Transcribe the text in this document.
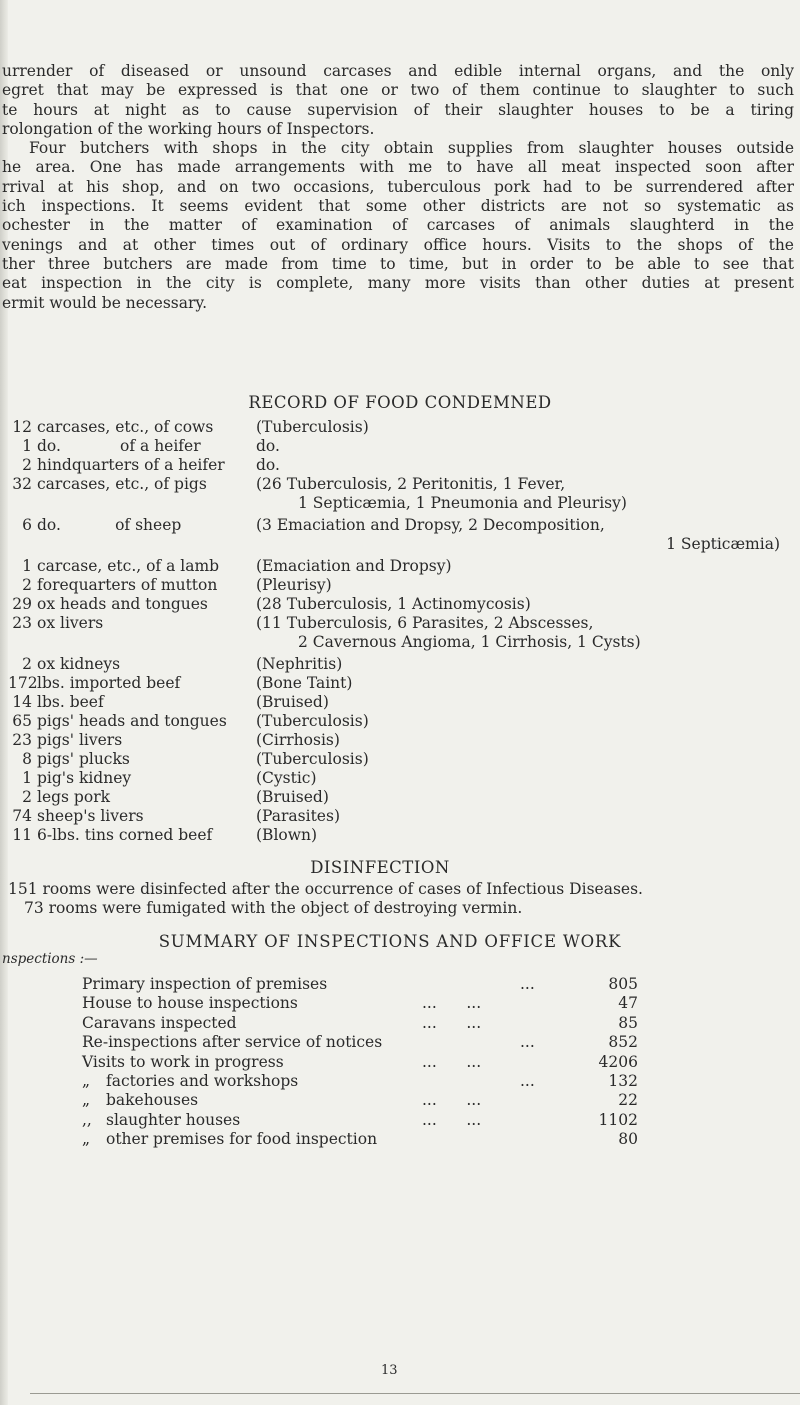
urrender of diseased or unsound carcases and edible internal organs, and the only

egret that may be expressed is that one or two of them continue to slaughter to such

te hours at night as to cause supervision of their slaughter houses to be a tiring

rolongation of the working hours of Inspectors.

Four butchers with shops in the city obtain supplies from slaughter houses outside

he area. One has made arrangements with me to have all meat inspected soon after

rrival at his shop, and on two occasions, tuberculous pork had to be surrendered after

ich inspections. It seems evident that some other districts are not so systematic as

ochester in the matter of examination of carcases of animals slaughterd in the

venings and at other times out of ordinary office hours. Visits to the shops of the

ther three butchers are made from time to time, but in order to be able to see that

eat inspection in the city is complete, many more visits than other duties at present

ermit would be necessary.

RECORD OF FOOD CONDEMNED
12 carcases, etc., of cows	(Tuberculosis)
1 do.            of a heifer	do.
2 hindquarters of a heifer do.
32 carcases, etc., of pigs	(26 Tuberculosis, 2 Peritonitis, 1 Fever,
1 Septicæmia, 1 Pneumonia and Pleurisy)
6 do.           of sheep	(3 Emaciation and Dropsy, 2 Decomposition,
1 Septicæmia)
1 carcase, etc., of a lamb (Emaciation and Dropsy)
2 forequarters of mutton (Pleurisy)
29 ox heads and tongues	(28 Tuberculosis, 1 Actinomycosis)
23 ox livers	(11 Tuberculosis, 6 Parasites, 2 Abscesses,
2 Cavernous Angioma, 1 Cirrhosis, 1 Cysts)
2 ox kidneys	(Nephritis)
172lbs. imported beef	(Bone Taint)
14 lbs. beef	(Bruised)
65 pigs' heads and tongues (Tuberculosis)
23 pigs' livers	(Cirrhosis)
8 pigs' plucks	(Tuberculosis)
1 pig's kidney	(Cystic)
2 legs pork	(Bruised)
74 sheep's livers	(Parasites)
11 6-lbs. tins corned beef	(Blown)
DISINFECTION
151 rooms were disinfected after the occurrence of cases of Infectious Diseases.
73 rooms were fumigated with the object of destroying vermin.
SUMMARY OF INSPECTIONS AND OFFICE WORK
nspections :—
Primary inspection of premises	...	805
House to house inspections	...      ...	47
Caravans inspected	...      ...	85
Re-inspections after service of notices	...	852
Visits to work in progress	...      ...	4206
„ factories and workshops	...	132
„ bakehouses	...      ...	22
,, slaughter houses	...      ...	1102
„ other premises for food inspection	80
13
